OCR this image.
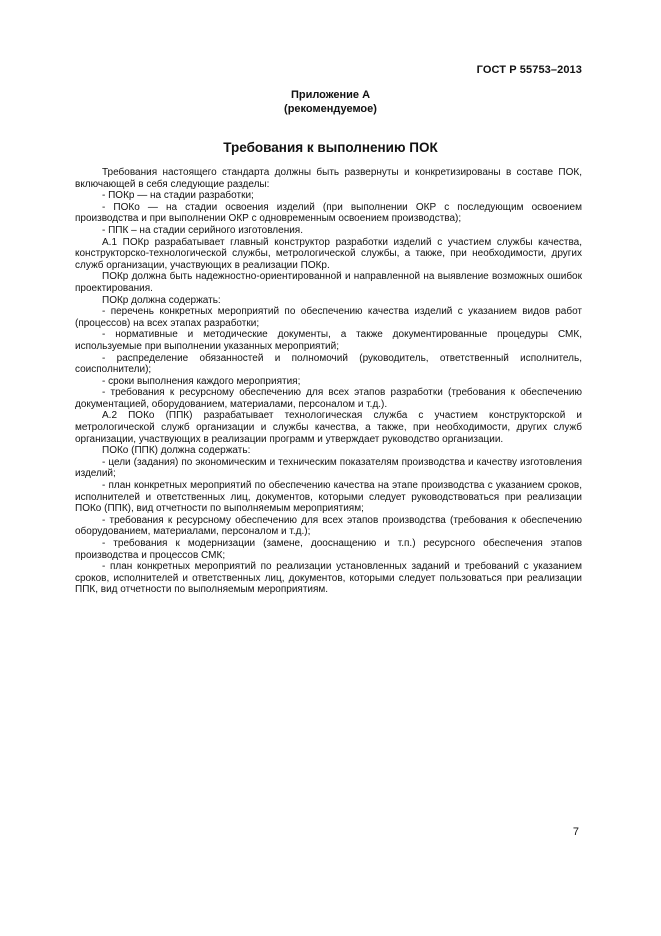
ГОСТ Р 55753–2013
Приложение А
(рекомендуемое)
Требования к выполнению ПОК

Требования настоящего стандарта должны быть развернуты и конкретизированы в составе ПОК, включающей в себя следующие разделы:

- ПОКр — на стадии разработки;

- ПОКо — на стадии освоения изделий (при выполнении ОКР с последующим освоением производства и при выполнении ОКР с одновременным освоением производства);

- ППК – на стадии серийного изготовления.

А.1 ПОКр разрабатывает главный конструктор разработки изделий с участием службы качества, конструкторско-технологической службы, метрологической службы, а также, при необходимости, других служб организации, участвующих в реализации ПОКр.

ПОКр должна быть надежностно-ориентированной и направленной на выявление возможных ошибок проектирования.

ПОКр должна содержать:

- перечень конкретных мероприятий по обеспечению качества изделий с указанием видов работ (процессов) на всех этапах разработки;

- нормативные и методические документы, а также документированные процедуры СМК, используемые при выполнении указанных мероприятий;

- распределение обязанностей и полномочий (руководитель, ответственный исполнитель, соисполнители);

- сроки выполнения каждого мероприятия;

- требования к ресурсному обеспечению для всех этапов разработки (требования к обеспечению документацией, оборудованием, материалами, персоналом и т.д.).

А.2 ПОКо (ППК) разрабатывает технологическая служба с участием конструкторской и метрологической служб организации и службы качества, а также, при необходимости, других служб организации, участвующих в реализации программ и утверждает руководство организации.

ПОКо (ППК) должна содержать:

- цели (задания) по экономическим и техническим показателям производства и качеству изготовления изделий;

- план конкретных мероприятий по обеспечению качества на этапе производства с указанием сроков, исполнителей и ответственных лиц, документов, которыми следует руководствоваться при реализации ПОКо (ППК), вид отчетности по выполняемым мероприятиям;

- требования к ресурсному обеспечению для всех этапов производства (требования к обеспечению оборудованием, материалами, персоналом и т.д.);

- требования к модернизации (замене, дооснащению и т.п.) ресурсного обеспечения этапов производства и процессов СМК;

- план конкретных мероприятий по реализации установленных заданий и требований с указанием сроков, исполнителей и ответственных лиц, документов, которыми следует пользоваться при реализации ППК, вид отчетности по выполняемым мероприятиям.

7
